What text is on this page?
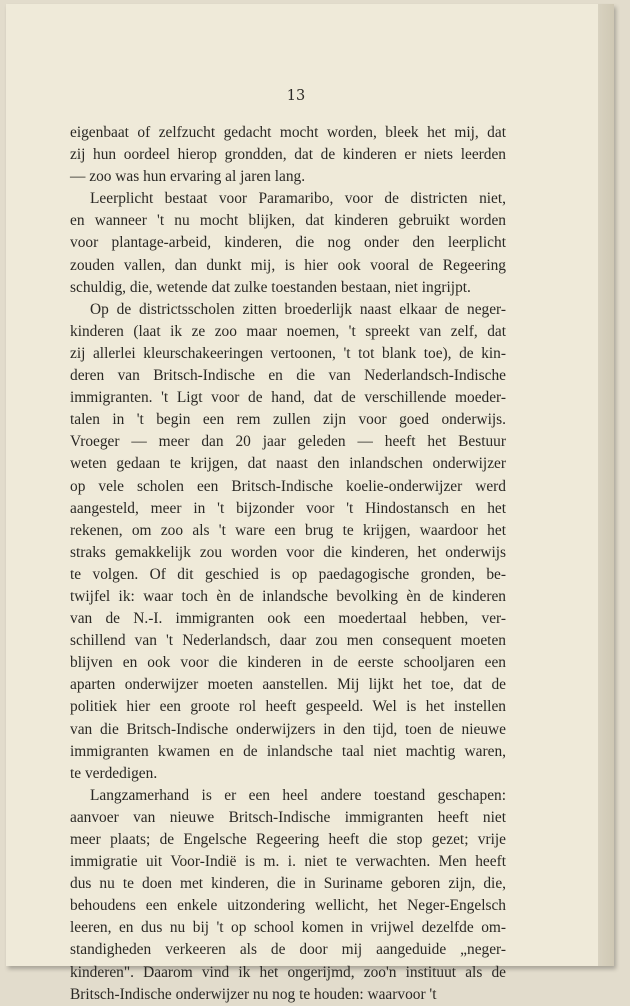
13
eigenbaat of zelfzucht gedacht mocht worden, bleek het mij, dat
zij hun oordeel hierop grondden, dat de kinderen er niets leerden
— zoo was hun ervaring al jaren lang.
Leerplicht bestaat voor Paramaribo, voor de districten niet,
en wanneer 't nu mocht blijken, dat kinderen gebruikt worden
voor plantage-arbeid, kinderen, die nog onder den leerplicht
zouden vallen, dan dunkt mij, is hier ook vooral de Regeering
schuldig, die, wetende dat zulke toestanden bestaan, niet ingrijpt.
Op de districtsscholen zitten broederlijk naast elkaar de neger-
kinderen (laat ik ze zoo maar noemen, 't spreekt van zelf, dat
zij allerlei kleurschakeeringen vertoonen, 't tot blank toe), de kin-
deren van Britsch-Indische en die van Nederlandsch-Indische
immigranten. 't Ligt voor de hand, dat de verschillende moeder-
talen in 't begin een rem zullen zijn voor goed onderwijs.
Vroeger — meer dan 20 jaar geleden — heeft het Bestuur
weten gedaan te krijgen, dat naast den inlandschen onderwijzer
op vele scholen een Britsch-Indische koelie-onderwijzer werd
aangesteld, meer in 't bijzonder voor 't Hindostansch en het
rekenen, om zoo als 't ware een brug te krijgen, waardoor het
straks gemakkelijk zou worden voor die kinderen, het onderwijs
te volgen. Of dit geschied is op paedagogische gronden, be-
twijfel ik: waar toch èn de inlandsche bevolking èn de kinderen
van de N.-I. immigranten ook een moedertaal hebben, ver-
schillend van 't Nederlandsch, daar zou men consequent moeten
blijven en ook voor die kinderen in de eerste schooljaren een
aparten onderwijzer moeten aanstellen. Mij lijkt het toe, dat de
politiek hier een groote rol heeft gespeeld. Wel is het instellen
van die Britsch-Indische onderwijzers in den tijd, toen de nieuwe
immigranten kwamen en de inlandsche taal niet machtig waren,
te verdedigen.
Langzamerhand is er een heel andere toestand geschapen:
aanvoer van nieuwe Britsch-Indische immigranten heeft niet
meer plaats; de Engelsche Regeering heeft die stop gezet; vrije
immigratie uit Voor-Indië is m. i. niet te verwachten. Men heeft
dus nu te doen met kinderen, die in Suriname geboren zijn, die,
behoudens een enkele uitzondering wellicht, het Neger-Engelsch
leeren, en dus nu bij 't op school komen in vrijwel dezelfde om-
standigheden verkeeren als de door mij aangeduide „neger-
kinderen". Daarom vind ik het ongerijmd, zoo'n instituut als de
Britsch-Indische onderwijzer nu nog te houden: waarvoor 't
